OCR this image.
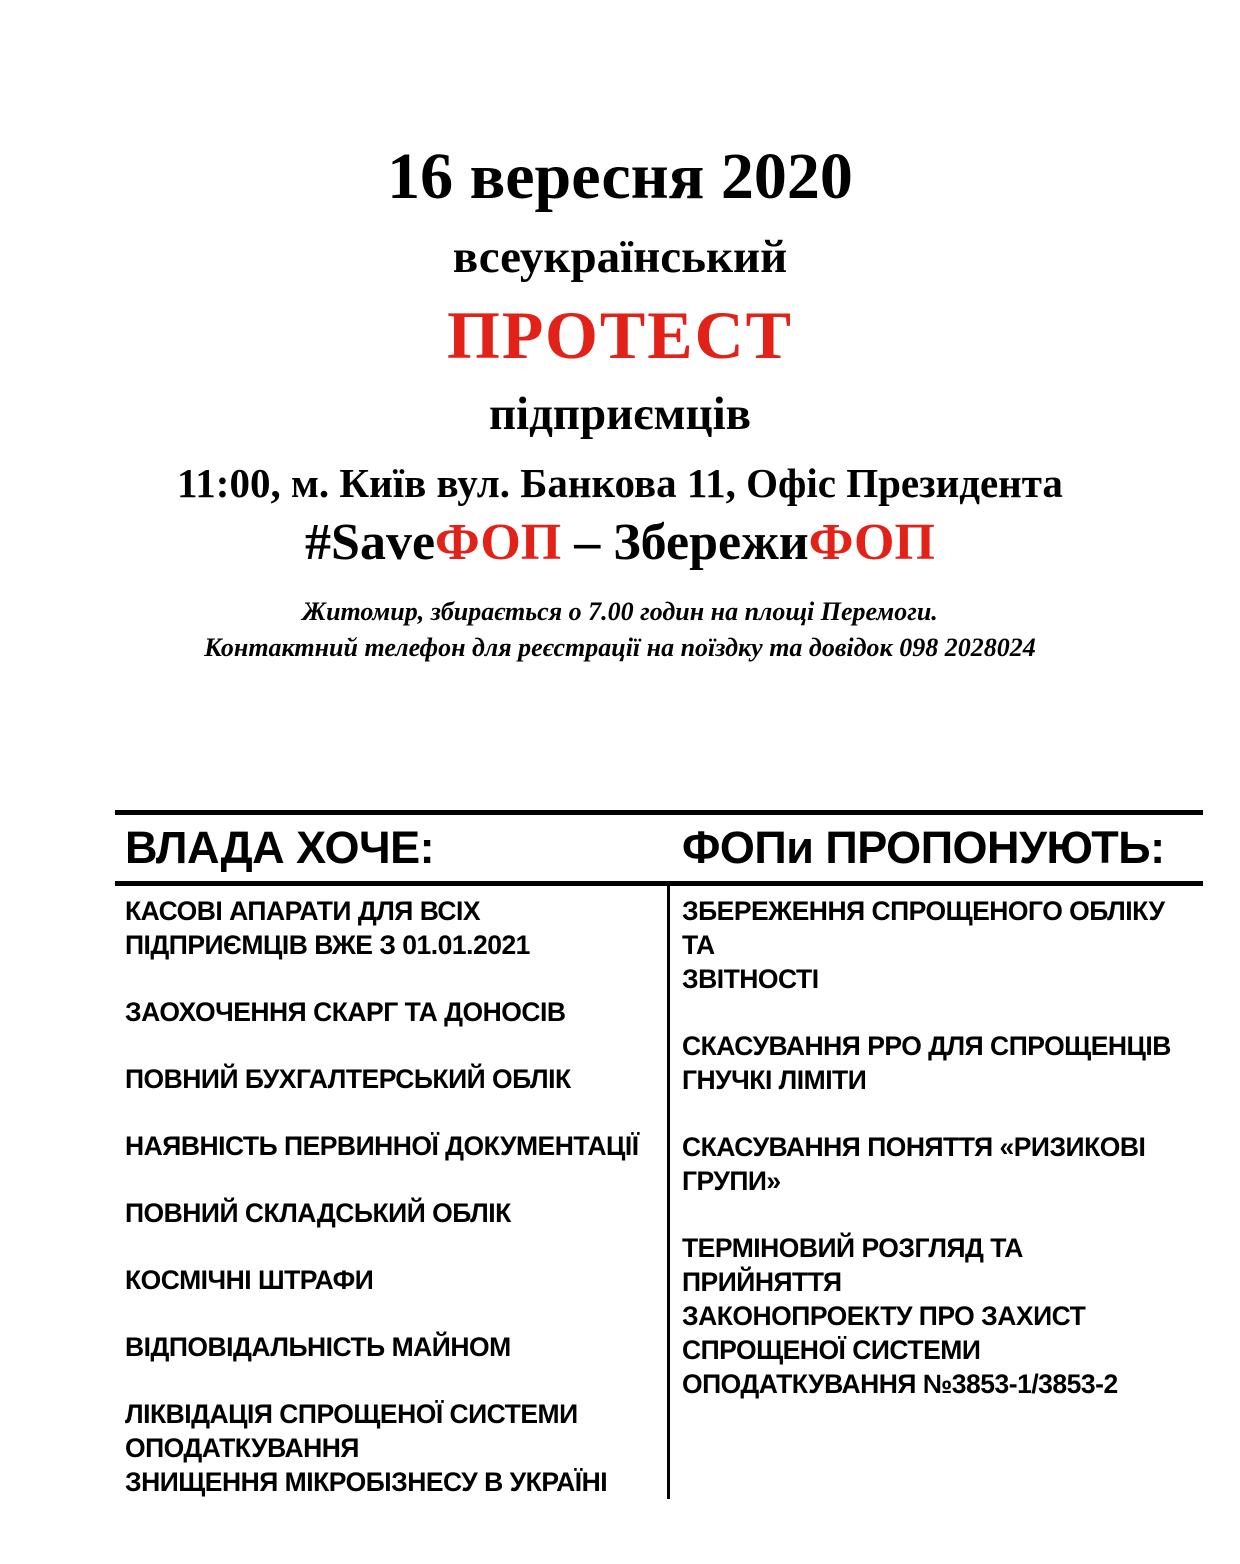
16 вересня 2020
всеукраїнський
ПРОТЕСТ
підприємців
11:00, м. Київ вул. Банкова 11, Офіс Президента
#SaveФОП – ЗбережиФОП
Житомир, збирається о 7.00 годин на площі Перемоги.
Контактний телефон для реєстрації на поїздку та довідок 098 2028024
ВЛАДА ХОЧЕ:	ФОПи ПРОПОНУЮТЬ:
КАСОВІ АПАРАТИ ДЛЯ ВСІХ
ПІДПРИЄМЦІВ ВЖЕ З 01.01.2021
ЗАОХОЧЕННЯ СКАРГ ТА ДОНОСІВ
ПОВНИЙ БУХГАЛТЕРСЬКИЙ ОБЛІК
НАЯВНІСТЬ ПЕРВИННОЇ ДОКУМЕНТАЦІЇ
ПОВНИЙ СКЛАДСЬКИЙ ОБЛІК
КОСМІЧНІ ШТРАФИ
ВІДПОВІДАЛЬНІСТЬ МАЙНОМ
ЛІКВІДАЦІЯ СПРОЩЕНОЇ СИСТЕМИ
ОПОДАТКУВАННЯ
ЗНИЩЕННЯ МІКРОБІЗНЕСУ В УКРАЇНІ
ЗБЕРЕЖЕННЯ СПРОЩЕНОГО ОБЛІКУ ТА
ЗВІТНОСТІ
СКАСУВАННЯ РРО ДЛЯ СПРОЩЕНЦІВ
ГНУЧКІ ЛІМІТИ
СКАСУВАННЯ ПОНЯТТЯ «РИЗИКОВІ
ГРУПИ»
ТЕРМІНОВИЙ РОЗГЛЯД ТА ПРИЙНЯТТЯ
ЗАКОНОПРОЕКТУ ПРО ЗАХИСТ
СПРОЩЕНОЇ СИСТЕМИ
ОПОДАТКУВАННЯ №3853-1/3853-2
